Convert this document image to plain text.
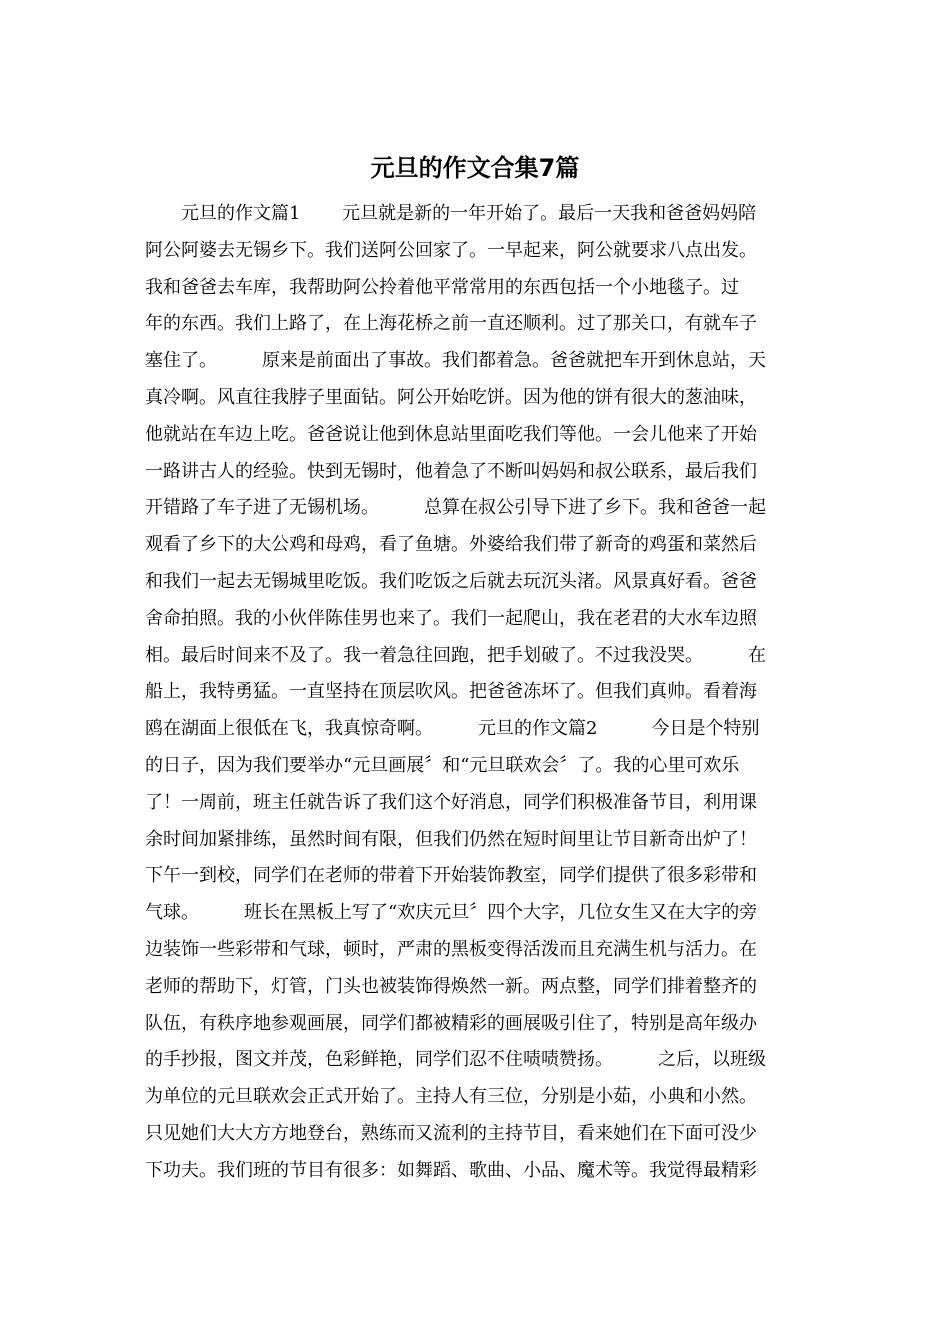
元旦的作文合集7篇
　　元旦的作文篇1　　 元旦就是新的一年开始了。最后一天我和爸爸妈妈陪
阿公阿婆去无锡乡下。我们送阿公回家了。一早起来，阿公就要求八点出发。
我和爸爸去车库，我帮助阿公拎着他平常常用的东西包括一个小地毯子。过
年的东西。我们上路了，在上海花桥之前一直还顺利。过了那关口，有就车子
塞住了。　　　原来是前面出了事故。我们都着急。爸爸就把车开到休息站，天
真冷啊。风直往我脖子里面钻。阿公开始吃饼。因为他的饼有很大的葱油味，
他就站在车边上吃。爸爸说让他到休息站里面吃我们等他。一会儿他来了开始
一路讲古人的经验。快到无锡时，他着急了不断叫妈妈和叔公联系，最后我们
开错路了车子进了无锡机场。　　　总算在叔公引导下进了乡下。我和爸爸一起
观看了乡下的大公鸡和母鸡，看了鱼塘。外婆给我们带了新奇的鸡蛋和菜然后
和我们一起去无锡城里吃饭。我们吃饭之后就去玩沉头渚。风景真好看。爸爸
舍命拍照。我的小伙伴陈佳男也来了。我们一起爬山，我在老君的大水车边照
相。最后时间来不及了。我一着急往回跑，把手划破了。不过我没哭。　　　在
船上，我特勇猛。一直坚持在顶层吹风。把爸爸冻坏了。但我们真帅。看着海
鸥在湖面上很低在飞，我真惊奇啊。　　　元旦的作文篇2　　　今日是个特别
的日子，因为我们要举办“元旦画展〞和“元旦联欢会〞了。我的心里可欢乐
了！一周前，班主任就告诉了我们这个好消息，同学们积极准备节目，利用课
余时间加紧排练，虽然时间有限，但我们仍然在短时间里让节目新奇出炉了！
下午一到校，同学们在老师的带着下开始装饰教室，同学们提供了很多彩带和
气球。　　　班长在黑板上写了“欢庆元旦〞四个大字，几位女生又在大字的旁
边装饰一些彩带和气球，顿时，严肃的黑板变得活泼而且充满生机与活力。在
老师的帮助下，灯管，门头也被装饰得焕然一新。两点整，同学们排着整齐的
队伍，有秩序地参观画展，同学们都被精彩的画展吸引住了，特别是高年级办
的手抄报，图文并茂，色彩鲜艳，同学们忍不住啧啧赞扬。　　　之后，以班级
为单位的元旦联欢会正式开始了。主持人有三位，分别是小茹，小典和小然。
只见她们大大方方地登台，熟练而又流利的主持节目，看来她们在下面可没少
下功夫。我们班的节目有很多：如舞蹈、歌曲、小品、魔术等。我觉得最精彩
